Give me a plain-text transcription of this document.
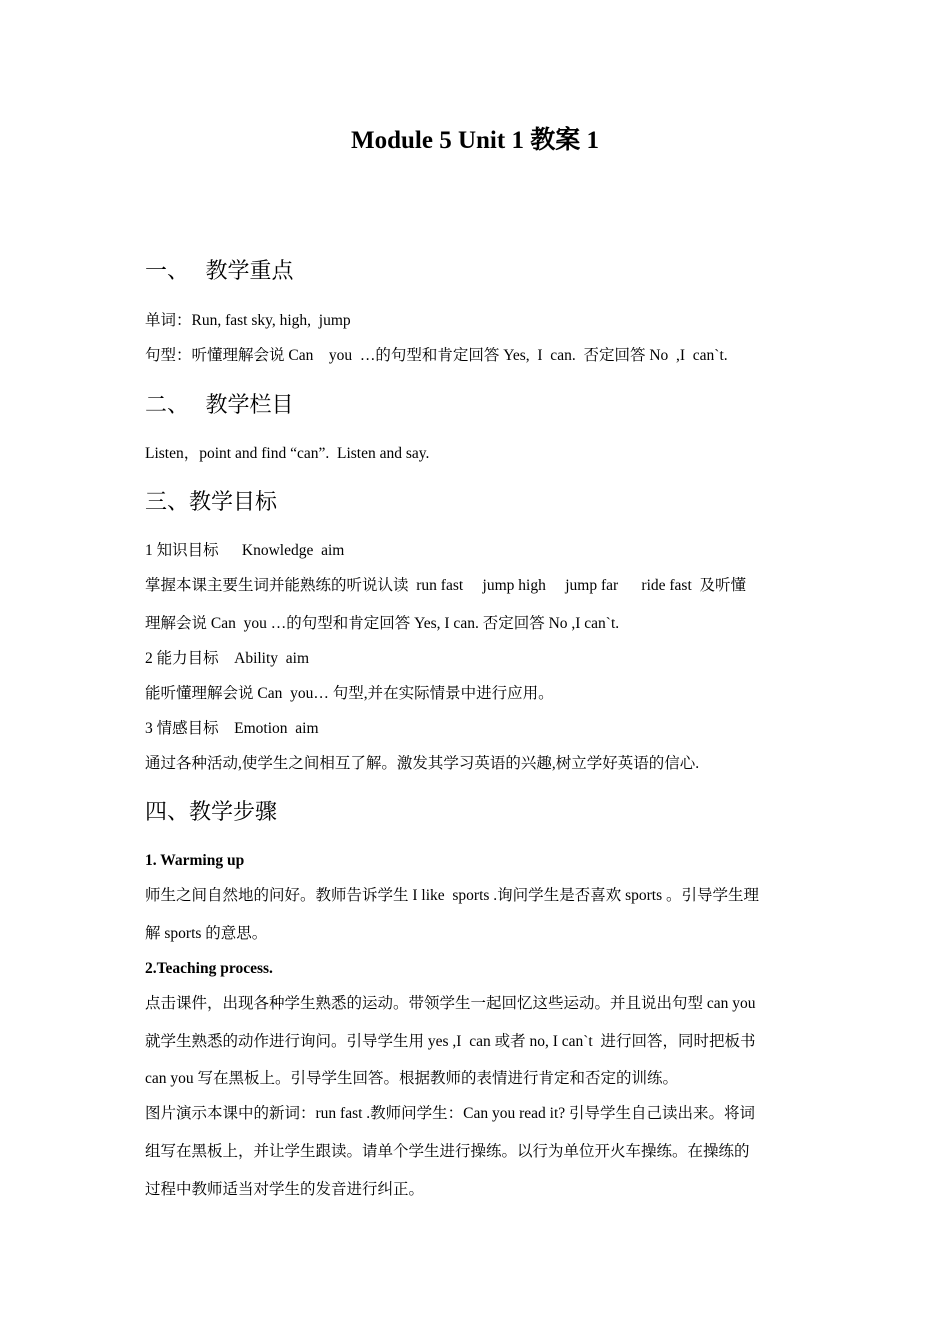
Module 5 Unit 1 教案 1
一、   教学重点
单词：Run, fast sky, high,  jump
句型：听懂理解会说 Can    you  …的句型和肯定回答 Yes,  I  can.  否定回答 No  ,I  can`t.
二、   教学栏目
Listen，point and find “can”.  Listen and say.
三、教学目标
1 知识目标      Knowledge  aim
掌握本课主要生词并能熟练的听说认读  run fast     jump high     jump far      ride fast  及听懂
理解会说 Can  you …的句型和肯定回答 Yes, I can. 否定回答 No ,I can`t.
2 能力目标    Ability  aim
能听懂理解会说 Can  you… 句型,并在实际情景中进行应用。
3 情感目标    Emotion  aim
通过各种活动,使学生之间相互了解。激发其学习英语的兴趣,树立学好英语的信心.
四、教学步骤
1. Warming up
师生之间自然地的问好。教师告诉学生 I like  sports .询问学生是否喜欢 sports 。引导学生理
解 sports 的意思。
2.Teaching process.
点击课件，出现各种学生熟悉的运动。带领学生一起回忆这些运动。并且说出句型 can you
就学生熟悉的动作进行询问。引导学生用 yes ,I  can 或者 no, I can`t  进行回答，同时把板书
can you 写在黑板上。引导学生回答。根据教师的表情进行肯定和否定的训练。
图片演示本课中的新词：run fast .教师问学生：Can you read it? 引导学生自己读出来。将词
组写在黑板上，并让学生跟读。请单个学生进行操练。以行为单位开火车操练。在操练的
过程中教师适当对学生的发音进行纠正。
